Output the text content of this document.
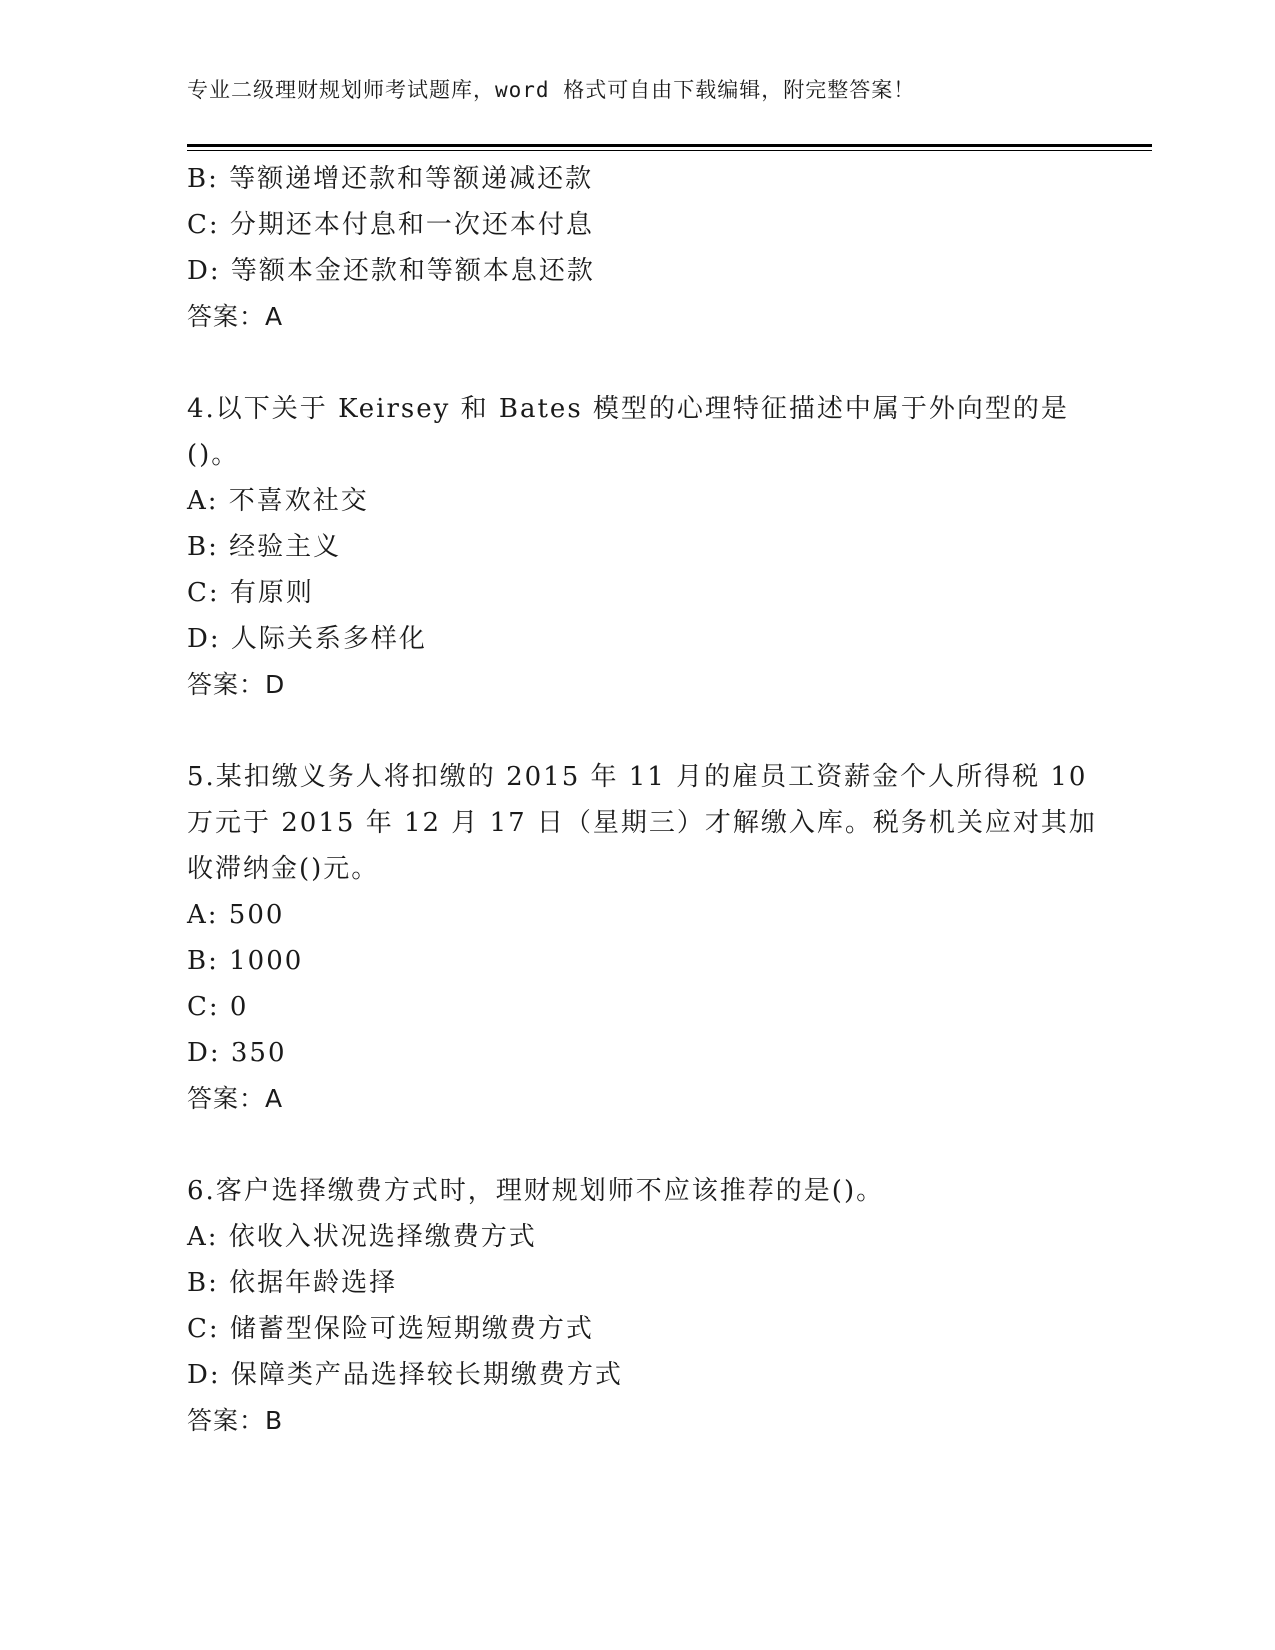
专业二级理财规划师考试题库，word 格式可自由下载编辑，附完整答案！
B: 等额递增还款和等额递减还款
C: 分期还本付息和一次还本付息
D: 等额本金还款和等额本息还款
答案：A
4.以下关于 Keirsey 和 Bates 模型的心理特征描述中属于外向型的是
()。
A: 不喜欢社交
B: 经验主义
C: 有原则
D: 人际关系多样化
答案：D
5.某扣缴义务人将扣缴的 2015 年 11 月的雇员工资薪金个人所得税 10
万元于 2015 年 12 月 17 日（星期三）才解缴入库。税务机关应对其加
收滞纳金()元。
A: 500
B: 1000
C: 0
D: 350
答案：A
6.客户选择缴费方式时，理财规划师不应该推荐的是()。
A: 依收入状况选择缴费方式
B: 依据年龄选择
C: 储蓄型保险可选短期缴费方式
D: 保障类产品选择较长期缴费方式
答案：B
